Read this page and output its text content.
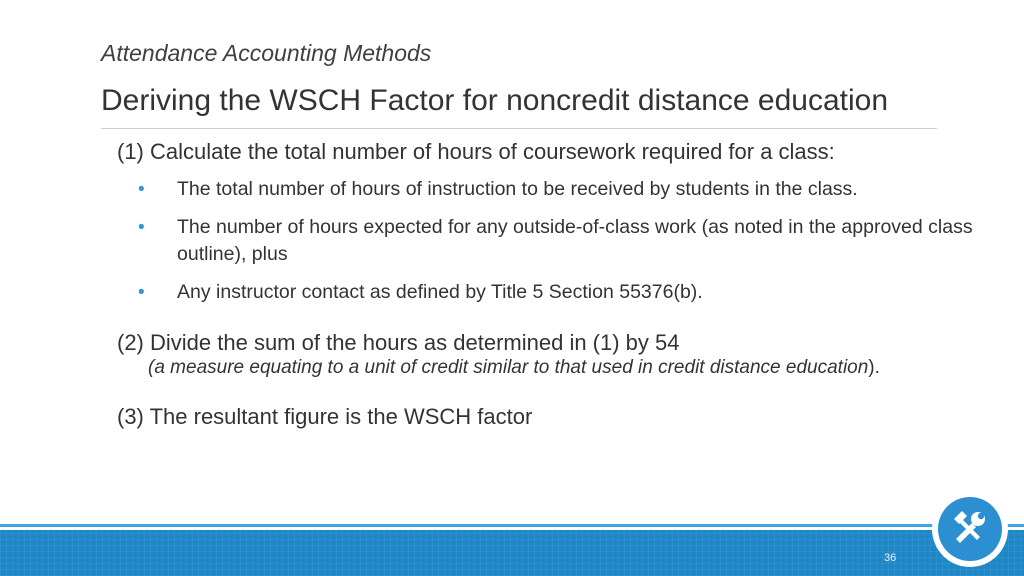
Attendance Accounting Methods
Deriving the WSCH Factor for noncredit distance education
(1) Calculate the total number of hours of coursework required for a class:
• The total number of hours of instruction to be received by students in the class.
• The number of hours expected for any outside-of-class work (as noted in the approved class outline), plus
• Any instructor contact as defined by Title 5 Section 55376(b).
(2) Divide the sum of the hours as determined in (1) by 54
(a measure equating to a unit of credit similar to that used in credit distance education).
(3) The resultant figure is the WSCH factor
36
